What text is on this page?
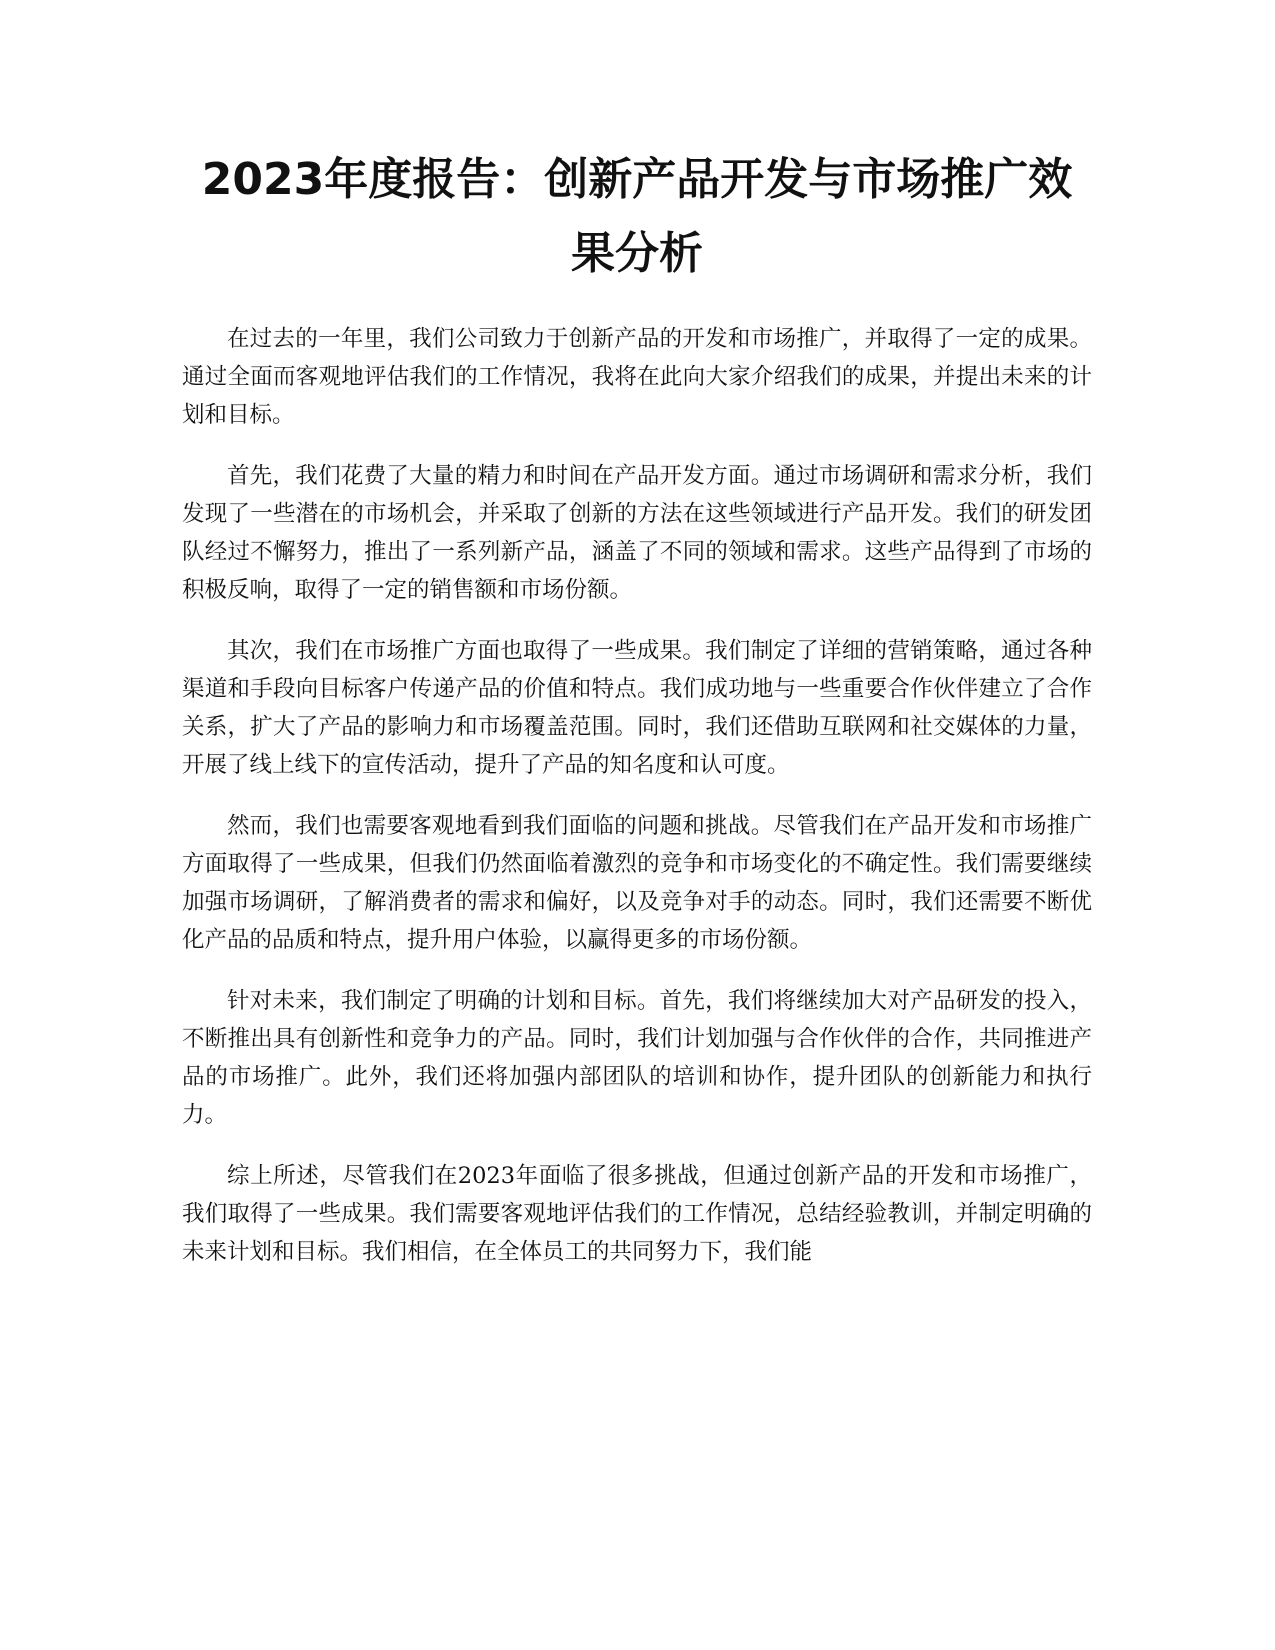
2023年度报告：创新产品开发与市场推广效果分析

在过去的一年里，我们公司致力于创新产品的开发和市场推广，并取得了一定的成果。通过全面而客观地评估我们的工作情况，我将在此向大家介绍我们的成果，并提出未来的计划和目标。

首先，我们花费了大量的精力和时间在产品开发方面。通过市场调研和需求分析，我们发现了一些潜在的市场机会，并采取了创新的方法在这些领域进行产品开发。我们的研发团队经过不懈努力，推出了一系列新产品，涵盖了不同的领域和需求。这些产品得到了市场的积极反响，取得了一定的销售额和市场份额。

其次，我们在市场推广方面也取得了一些成果。我们制定了详细的营销策略，通过各种渠道和手段向目标客户传递产品的价值和特点。我们成功地与一些重要合作伙伴建立了合作关系，扩大了产品的影响力和市场覆盖范围。同时，我们还借助互联网和社交媒体的力量，开展了线上线下的宣传活动，提升了产品的知名度和认可度。

然而，我们也需要客观地看到我们面临的问题和挑战。尽管我们在产品开发和市场推广方面取得了一些成果，但我们仍然面临着激烈的竞争和市场变化的不确定性。我们需要继续加强市场调研，了解消费者的需求和偏好，以及竞争对手的动态。同时，我们还需要不断优化产品的品质和特点，提升用户体验，以赢得更多的市场份额。

针对未来，我们制定了明确的计划和目标。首先，我们将继续加大对产品研发的投入，不断推出具有创新性和竞争力的产品。同时，我们计划加强与合作伙伴的合作，共同推进产品的市场推广。此外，我们还将加强内部团队的培训和协作，提升团队的创新能力和执行力。

综上所述，尽管我们在2023年面临了很多挑战，但通过创新产品的开发和市场推广，我们取得了一些成果。我们需要客观地评估我们的工作情况，总结经验教训，并制定明确的未来计划和目标。我们相信，在全体员工的共同努力下，我们能
